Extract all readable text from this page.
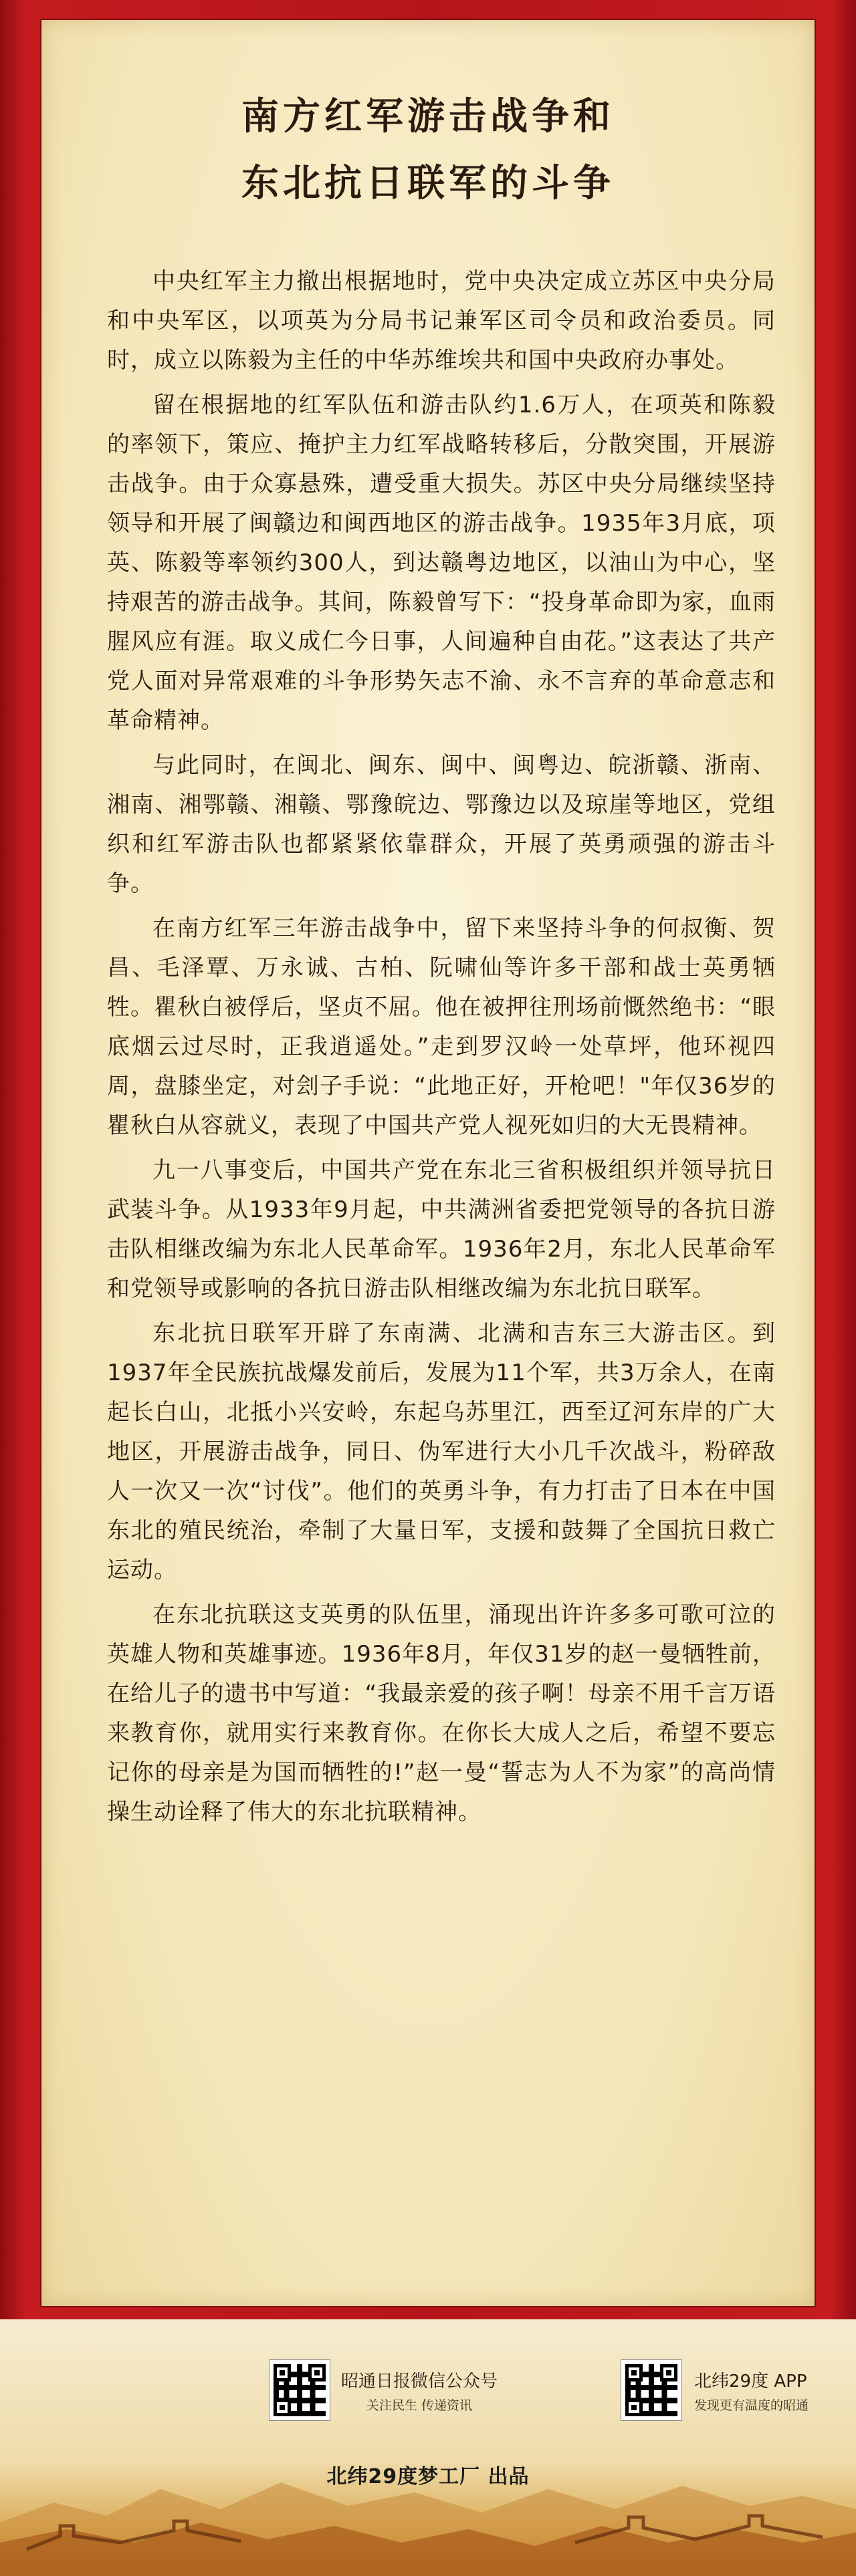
南方红军游击战争和
东北抗日联军的斗争

中央红军主力撤出根据地时，党中央决定成立苏区中央分局和中央军区，以项英为分局书记兼军区司令员和政治委员。同时，成立以陈毅为主任的中华苏维埃共和国中央政府办事处。

留在根据地的红军队伍和游击队约1.6万人，在项英和陈毅的率领下，策应、掩护主力红军战略转移后，分散突围，开展游击战争。由于众寡悬殊，遭受重大损失。苏区中央分局继续坚持领导和开展了闽赣边和闽西地区的游击战争。1935年3月底，项英、陈毅等率领约300人，到达赣粤边地区，以油山为中心，坚持艰苦的游击战争。其间，陈毅曾写下：“投身革命即为家，血雨腥风应有涯。取义成仁今日事，人间遍种自由花。”这表达了共产党人面对异常艰难的斗争形势矢志不渝、永不言弃的革命意志和革命精神。

与此同时，在闽北、闽东、闽中、闽粤边、皖浙赣、浙南、湘南、湘鄂赣、湘赣、鄂豫皖边、鄂豫边以及琼崖等地区，党组织和红军游击队也都紧紧依靠群众，开展了英勇顽强的游击斗争。

在南方红军三年游击战争中，留下来坚持斗争的何叔衡、贺昌、毛泽覃、万永诚、古柏、阮啸仙等许多干部和战士英勇牺牲。瞿秋白被俘后，坚贞不屈。他在被押往刑场前慨然绝书：“眼底烟云过尽时，正我逍遥处。”走到罗汉岭一处草坪，他环视四周，盘膝坐定，对刽子手说：“此地正好，开枪吧！"年仅36岁的瞿秋白从容就义，表现了中国共产党人视死如归的大无畏精神。

九一八事变后，中国共产党在东北三省积极组织并领导抗日武装斗争。从1933年9月起，中共满洲省委把党领导的各抗日游击队相继改编为东北人民革命军。1936年2月，东北人民革命军和党领导或影响的各抗日游击队相继改编为东北抗日联军。

东北抗日联军开辟了东南满、北满和吉东三大游击区。到1937年全民族抗战爆发前后，发展为11个军，共3万余人，在南起长白山，北抵小兴安岭，东起乌苏里江，西至辽河东岸的广大地区，开展游击战争，同日、伪军进行大小几千次战斗，粉碎敌人一次又一次“讨伐”。他们的英勇斗争，有力打击了日本在中国东北的殖民统治，牵制了大量日军，支援和鼓舞了全国抗日救亡运动。

在东北抗联这支英勇的队伍里，涌现出许许多多可歌可泣的英雄人物和英雄事迹。1936年8月，年仅31岁的赵一曼牺牲前，在给儿子的遗书中写道：“我最亲爱的孩子啊！母亲不用千言万语来教育你，就用实行来教育你。在你长大成人之后，希望不要忘记你的母亲是为国而牺牲的!”赵一曼“誓志为人不为家”的高尚情操生动诠释了伟大的东北抗联精神。

昭通日报微信公众号
关注民生 传递资讯
北纬29度 APP
发现更有温度的昭通
北纬29度梦工厂 出品
